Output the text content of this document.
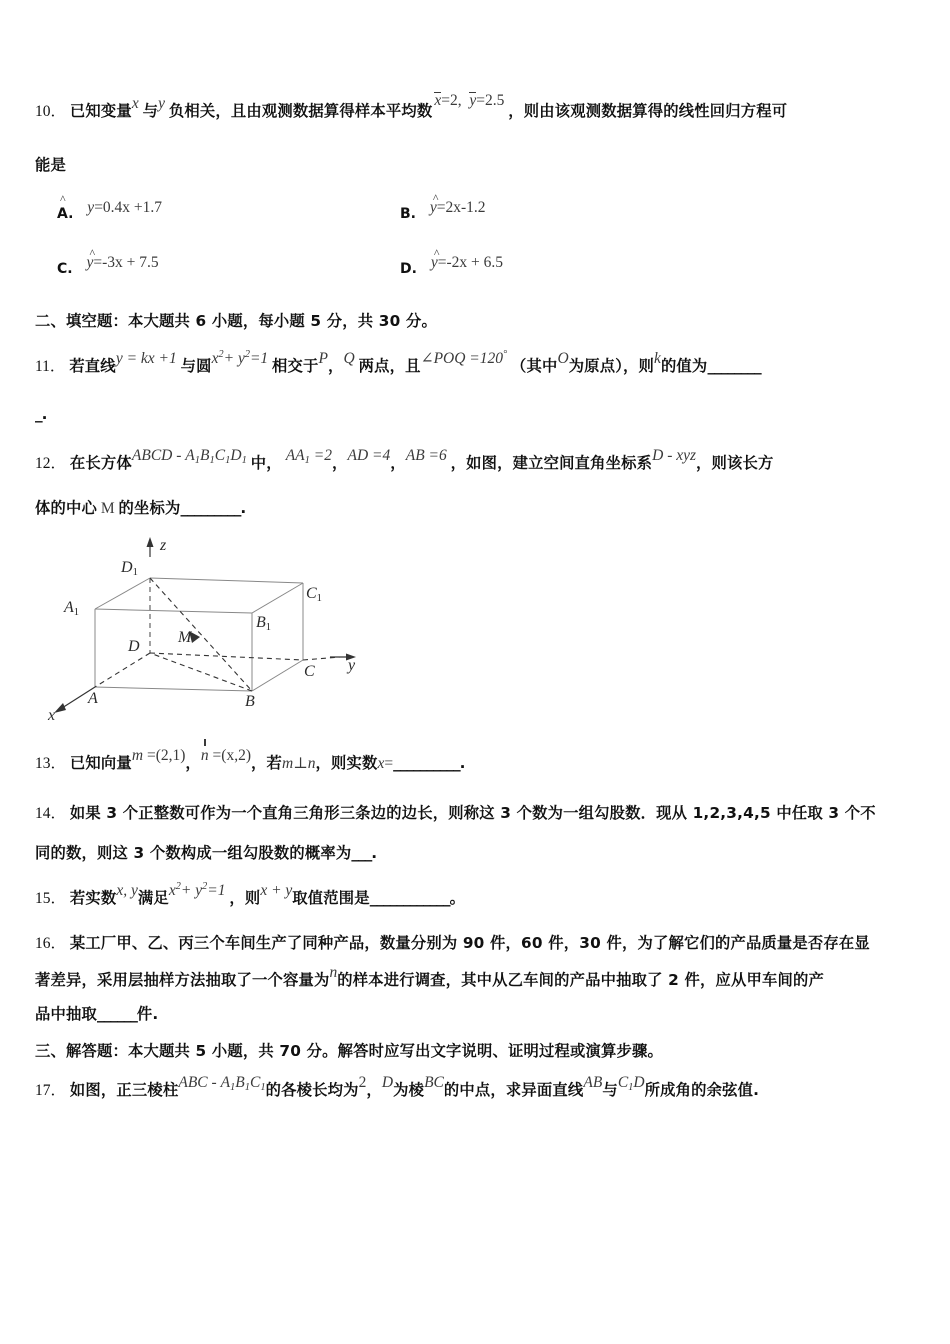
10． 已知变量x 与y 负相关，且由观测数据算得样本平均数x=2, y=2.5 ，则由该观测数据算得的线性回归方程可
能是
A. y
^ =0.4x +1.7	B. y
^
=2x-1.2
C. y
^
=-3x + 7.5	D. y
^
=-2x + 6.5
二、填空题：本大题共 6 小题，每小题 5 分，共 30 分。
11． 若直线y = kx +1 与圆$x^2+ y^2=1$ 相交于P，Q 两点，且∠POQ =120° （其中O为原点），则k的值为________
_.
12． 在长方体ABCD - A1B1C1D1 中， AA1 =2，AD =4，AB =6 ，如图，建立空间直角坐标系D - xyz，则该长方
体的中心 M 的坐标为_________.
z
y
x
D1
C1
A1
B1
D
M
C
A	B
13． 已知向量m =(2,1)，n =(x,2)，若m⊥n，则实数x=__________.
14． 如果 3 个正整数可作为一个直角三角形三条边的边长，则称这 3 个数为一组勾股数．现从 1,2,3,4,5 中任取 3 个不
同的数，则这 3 个数构成一组勾股数的概率为___.
15． 若实数x, y满足$x^2+ y^2=1$ ，则x + y取值范围是____________。
16． 某工厂甲、乙、丙三个车间生产了同种产品，数量分别为 90 件，60 件，30 件，为了解它们的产品质量是否存在显
著差异，采用层抽样方法抽取了一个容量为n的样本进行调查，其中从乙车间的产品中抽取了 2 件，应从甲车间的产
品中抽取______件.
三、解答题：本大题共 5 小题，共 70 分。解答时应写出文字说明、证明过程或演算步骤。
17． 如图，正三棱柱ABC - A1B1C1的各棱长均为2，D为棱BC的中点，求异面直线AB与C1D所成角的余弦值.
